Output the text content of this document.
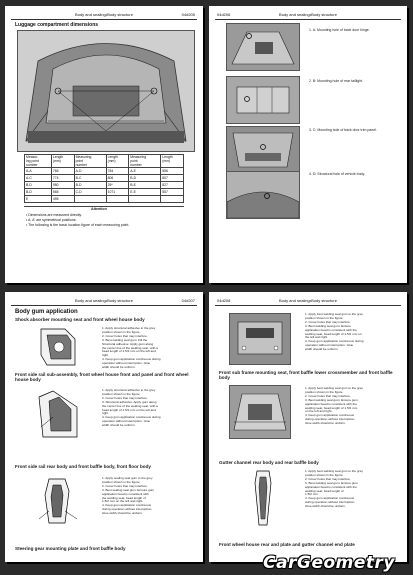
Body and sealing•Body structure	04d205
Luggage compartment dimensions
Measur-
ing point
number	Length
(mm)	Measuring
point
number	Length
(mm)	Measuring
point
number	Length
(mm)
A-A	766	A-D	784	A-E	556
A-C	774	B-C	806	B-D	807
B-D	980	B-D	25*	B-E	827
B-D	565	C-D	1071	E-E	557
E	495				
Attention
• Dimensions are measured directly.
• A, A' are symmetrical positions.
• The following is the basic location figure of each measuring point.
04d206	Body and sealing•Body structure
1. A: Mounting hole of back door hinge.
2. B: Mounting hole of rear taillight.
3. C: Mounting hole of back door trim panel.
4. D: Structural hole of vehicle body.
Body and sealing•Body structure	04d207
Body gum application
Shock absorber mounting seat and front wheel house body
1. Apply structural adhesive to the grey
position shown in the figure.
2. Cover holes that may interfere.
3. Best welding seal gum. Fill the
Structural adhesive: Apply gum along
the center line of the welding seat, with a
bead length of 1.5/2 mm on the left and
right.
4. Keep gum application continuous during
operation without interruption. Glue
width should be uniform.
Front side rail sub-assembly, front wheel house front and panel and front wheel house body
1. Apply structural adhesive to the grey
position shown in the figure.
2. Cover holes that may interfere.
3. Structural adhesive: Apply gum along
the center line of the welding seat, with a
bead length of 1.5/2 mm on the left and
right.
4. Keep gum application continuous during
operation without interruption. Glue
width should be uniform.
Front side rail rear body and front baffle body, front floor body
1. Apply sealing seal gum to the grey
position shown in the figure.
2. Cover holes that may interfere.
3. Best sealing seal gum: Ensure gum
application bead is consistent with
the welding seat, bead length of
1.5/2 mm on the left and right.
4. Keep gum application continuous
during operation without interruption.
Glue width should be uniform.
Steering gear mounting plate and front baffle body
04d208	Body and sealing•Body structure
1. Apply best welding seal gum to the grey
position shown in the figure.
2. Cover holes that may interfere.
3. Best welding seal gum: Ensure
application bead is consistent with the
welding seat, bead length of 1.5/2 mm on
the left and right.
4. Keep gum application continuous during
operation without interruption. Glue
width should be uniform.
Front sub frame mounting seat, front baffle lower crossmember and front baffle body
1. Apply best welding seal gum to the grey
position shown in the figure.
2. Cover holes that may interfere.
3. Best welding seal gum: Ensure gum
application bead is consistent with the
welding seat, bead length of 1.5/2 mm
on the left and right.
4. Keep gum application continuous
during operation without interruption.
Glue width should be uniform.
Gutter channel rear body and rear baffle body
1. Apply best welding seal gum to the grey
position shown in the figure.
2. Cover holes that may interfere.
3. Best welding seal gum: Ensure gum
application bead is consistent with the
welding seat, bead length of
1.5/2 mm.
4. Keep gum application continuous
during operation without interruption.
Glue width should be uniform.
Front wheel house rear and plate and gutter channel end plate
CarGeometry
